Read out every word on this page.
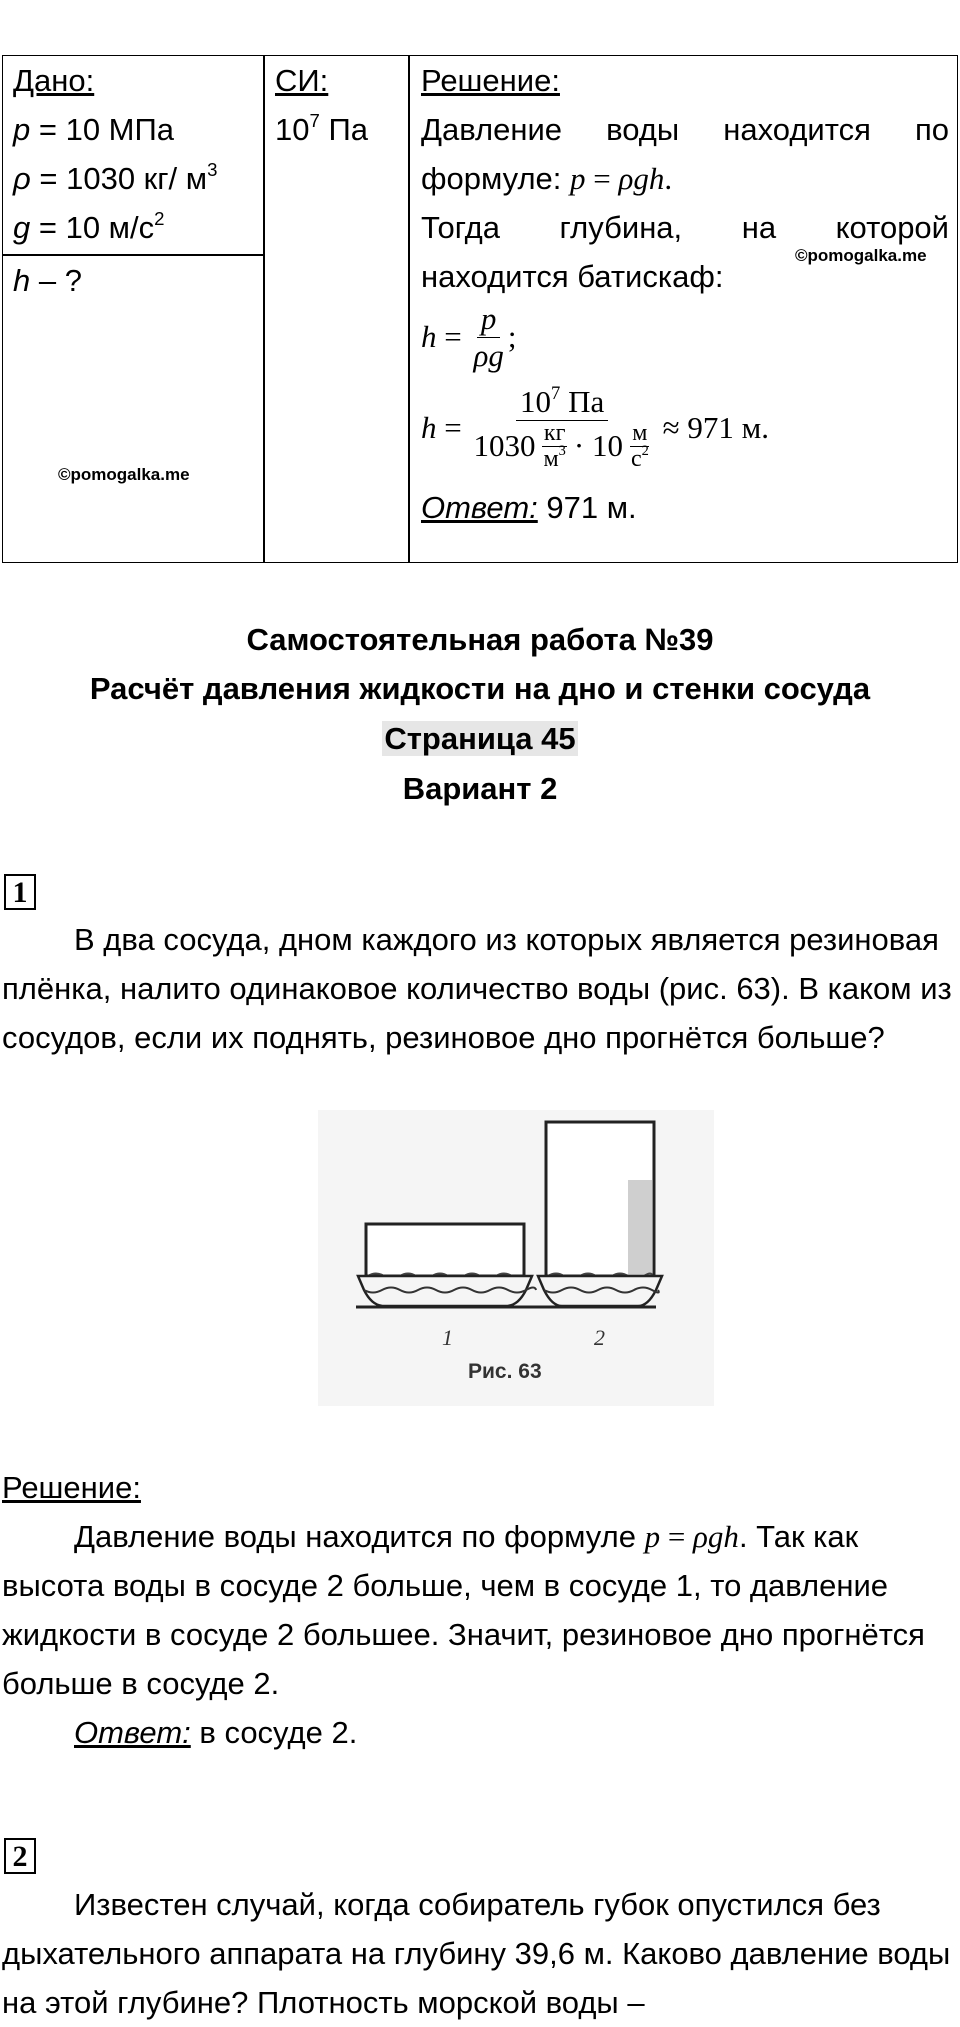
Дано:
p = 10 МПа
ρ = 1030 кг/ $м^3$
g = 10 $м/с^2$
h – ?
©pomogalka.me
СИ:
$10^7$ Па
Решение:
Давление воды находится по
формуле: p = ρgh.
Тогда глубина, на которой
находится батискаф:
$h = \frac{p}{\rho g}$ ;
$h = \frac{10^7 Па}{1030 \frac{кг}{м^3} \cdot 10 \frac{м}{с^2}} \approx 971$ м.
Ответ: 971 м.
©pomogalka.me
Самостоятельная работа №39
Расчёт давления жидкости на дно и стенки сосуда
Страница 45
Вариант 2
1
В два сосуда, дном каждого из которых является резиновая плёнка, налито одинаковое количество воды (рис. 63). В каком из сосудов, если их поднять, резиновое дно прогнётся больше?
1	2
Рис. 63
Решение:
Давление воды находится по формуле p = ρgh. Так как высота воды в сосуде 2 больше, чем в сосуде 1, то давление жидкости в сосуде 2 большее. Значит, резиновое дно прогнётся больше в сосуде 2.
Ответ: в сосуде 2.
2
Известен случай, когда собиратель губок опустился без дыхательного аппарата на глубину 39,6 м. Каково давление воды на этой глубине? Плотность морской воды –
